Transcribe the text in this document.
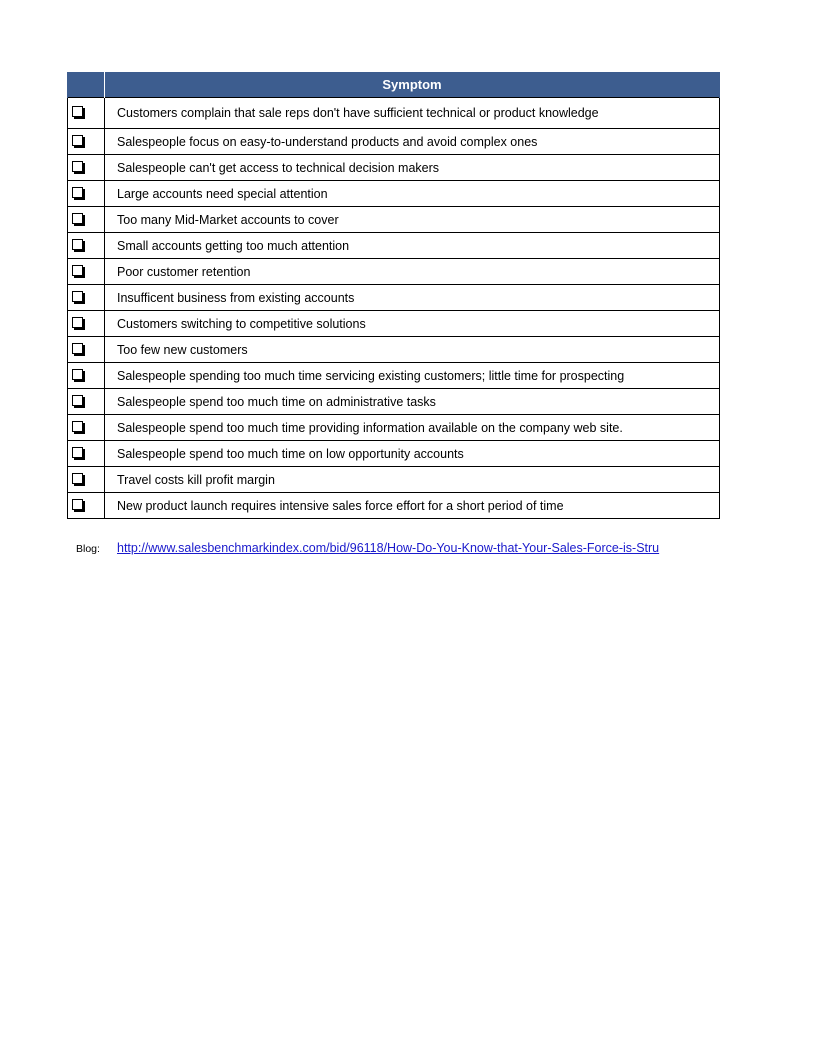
	Symptom

	Customers complain that sale reps don't have sufficient technical or product knowledge

	Salespeople focus on easy-to-understand products and avoid complex ones

	Salespeople can't get access to technical decision makers

	Large accounts need special attention

	Too many Mid-Market accounts to cover

	Small accounts getting too much attention

	Poor customer retention

	Insufficent business from existing accounts

	Customers switching to competitive solutions

	Too few new customers

	Salespeople spending too much time servicing existing customers; little time for prospecting

	Salespeople spend too much time on administrative tasks

	Salespeople spend too much time providing information available on the company web site.

	Salespeople spend too much time on low opportunity accounts

	Travel costs kill profit margin

	New product launch requires intensive sales force effort for a short period of time
Blog: http://www.salesbenchmarkindex.com/bid/96118/How-Do-You-Know-that-Your-Sales-Force-is-Stru
